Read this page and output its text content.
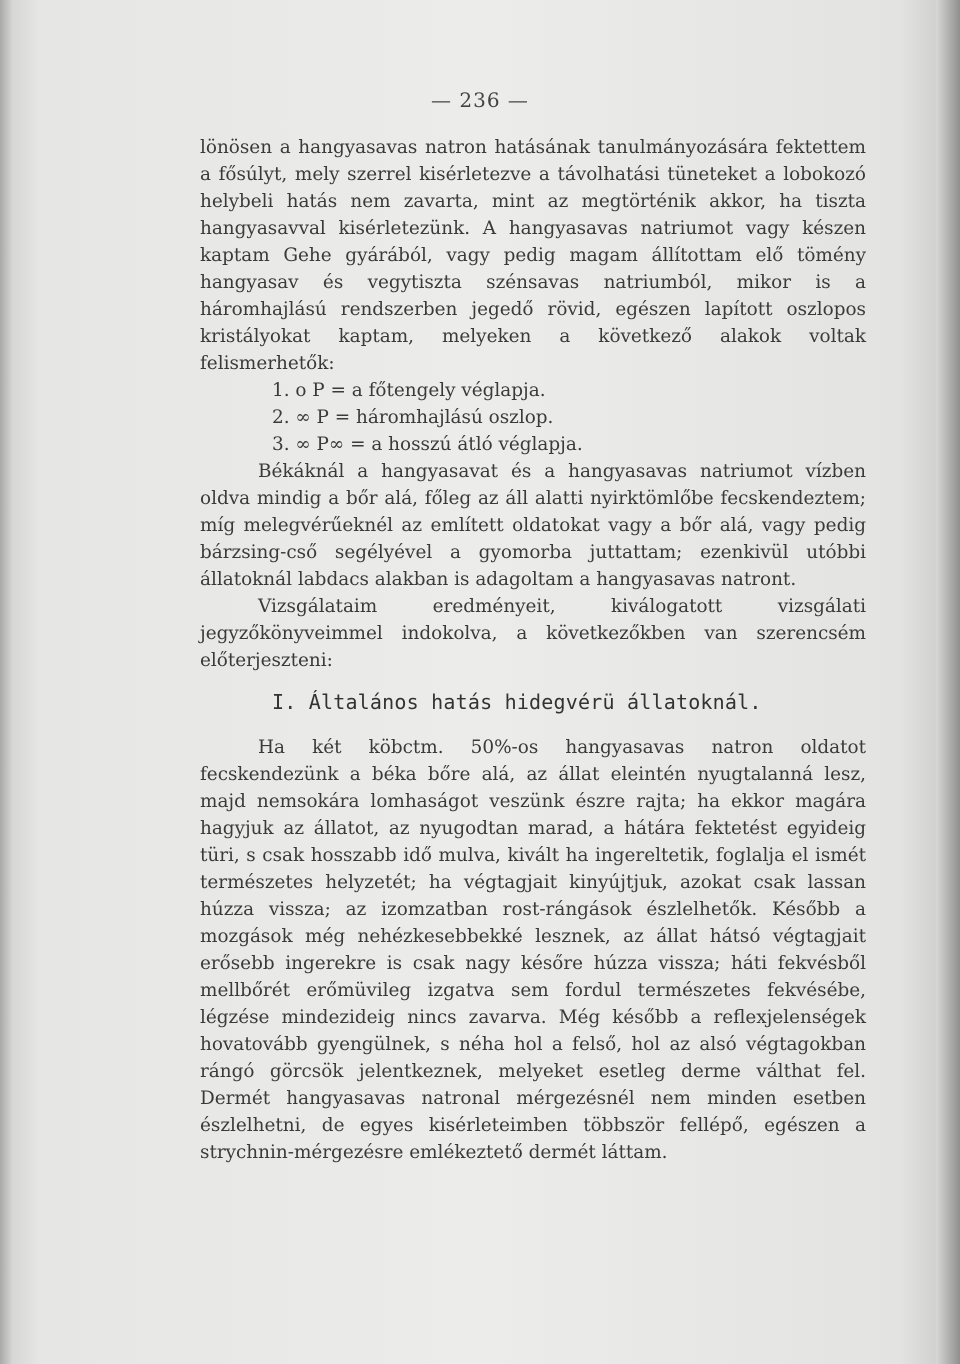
— 236 —

lönösen a hangyasavas natron hatásának tanulmányozására fektettem a fősúlyt, mely szerrel kisérletezve a távolhatási tüneteket a lobokozó helybeli hatás nem zavarta, mint az megtörténik akkor, ha tiszta hangyasavval kisérletezünk. A hangyasavas natriumot vagy készen kaptam Gehe gyárából, vagy pedig magam állítottam elő tömény hangyasav és vegytiszta szénsavas natriumból, mikor is a háromhajlású rendszerben jegedő rövid, egészen lapított oszlopos kristályokat kaptam, melyeken a következő alakok voltak felismerhetők:

1. o P = a főtengely véglapja.
2. ∞ P = háromhajlású oszlop.
3. ∞ P∞ = a hosszú átló véglapja.

Békáknál a hangyasavat és a hangyasavas natriumot vízben oldva mindig a bőr alá, főleg az áll alatti nyirktömlőbe fecskendeztem; míg melegvérűeknél az említett oldatokat vagy a bőr alá, vagy pedig bárzsing-cső segélyével a gyomorba juttattam; ezenkivül utóbbi állatoknál labdacs alakban is adagoltam a hangyasavas natront.

Vizsgálataim eredményeit, kiválogatott vizsgálati jegyzőkönyveimmel indokolva, a következőkben van szerencsém előterjeszteni:

I. Általános hatás hidegvérü állatoknál.

Ha két köbctm. 50%-os hangyasavas natron oldatot fecskendezünk a béka bőre alá, az állat eleintén nyugtalanná lesz, majd nemsokára lomhaságot veszünk észre rajta; ha ekkor magára hagyjuk az állatot, az nyugodtan marad, a hátára fektetést egyideig türi, s csak hosszabb idő mulva, kivált ha ingereltetik, foglalja el ismét természetes helyzetét; ha végtagjait kinyújtjuk, azokat csak lassan húzza vissza; az izomzatban rost-rángások észlelhetők. Később a mozgások még nehézkesebbekké lesznek, az állat hátsó végtagjait erősebb ingerekre is csak nagy későre húzza vissza; háti fekvésből mellbőrét erőmüvileg izgatva sem fordul természetes fekvésébe, légzése mindezideig nincs zavarva. Még később a reflexjelenségek hovatovább gyengülnek, s néha hol a felső, hol az alsó végtagokban rángó görcsök jelentkeznek, melyeket esetleg derme válthat fel. Dermét hangyasavas natronal mérgezésnél nem minden esetben észlelhetni, de egyes kisérleteimben többször fellépő, egészen a strychnin-mérgezésre emlékeztető dermét láttam.
